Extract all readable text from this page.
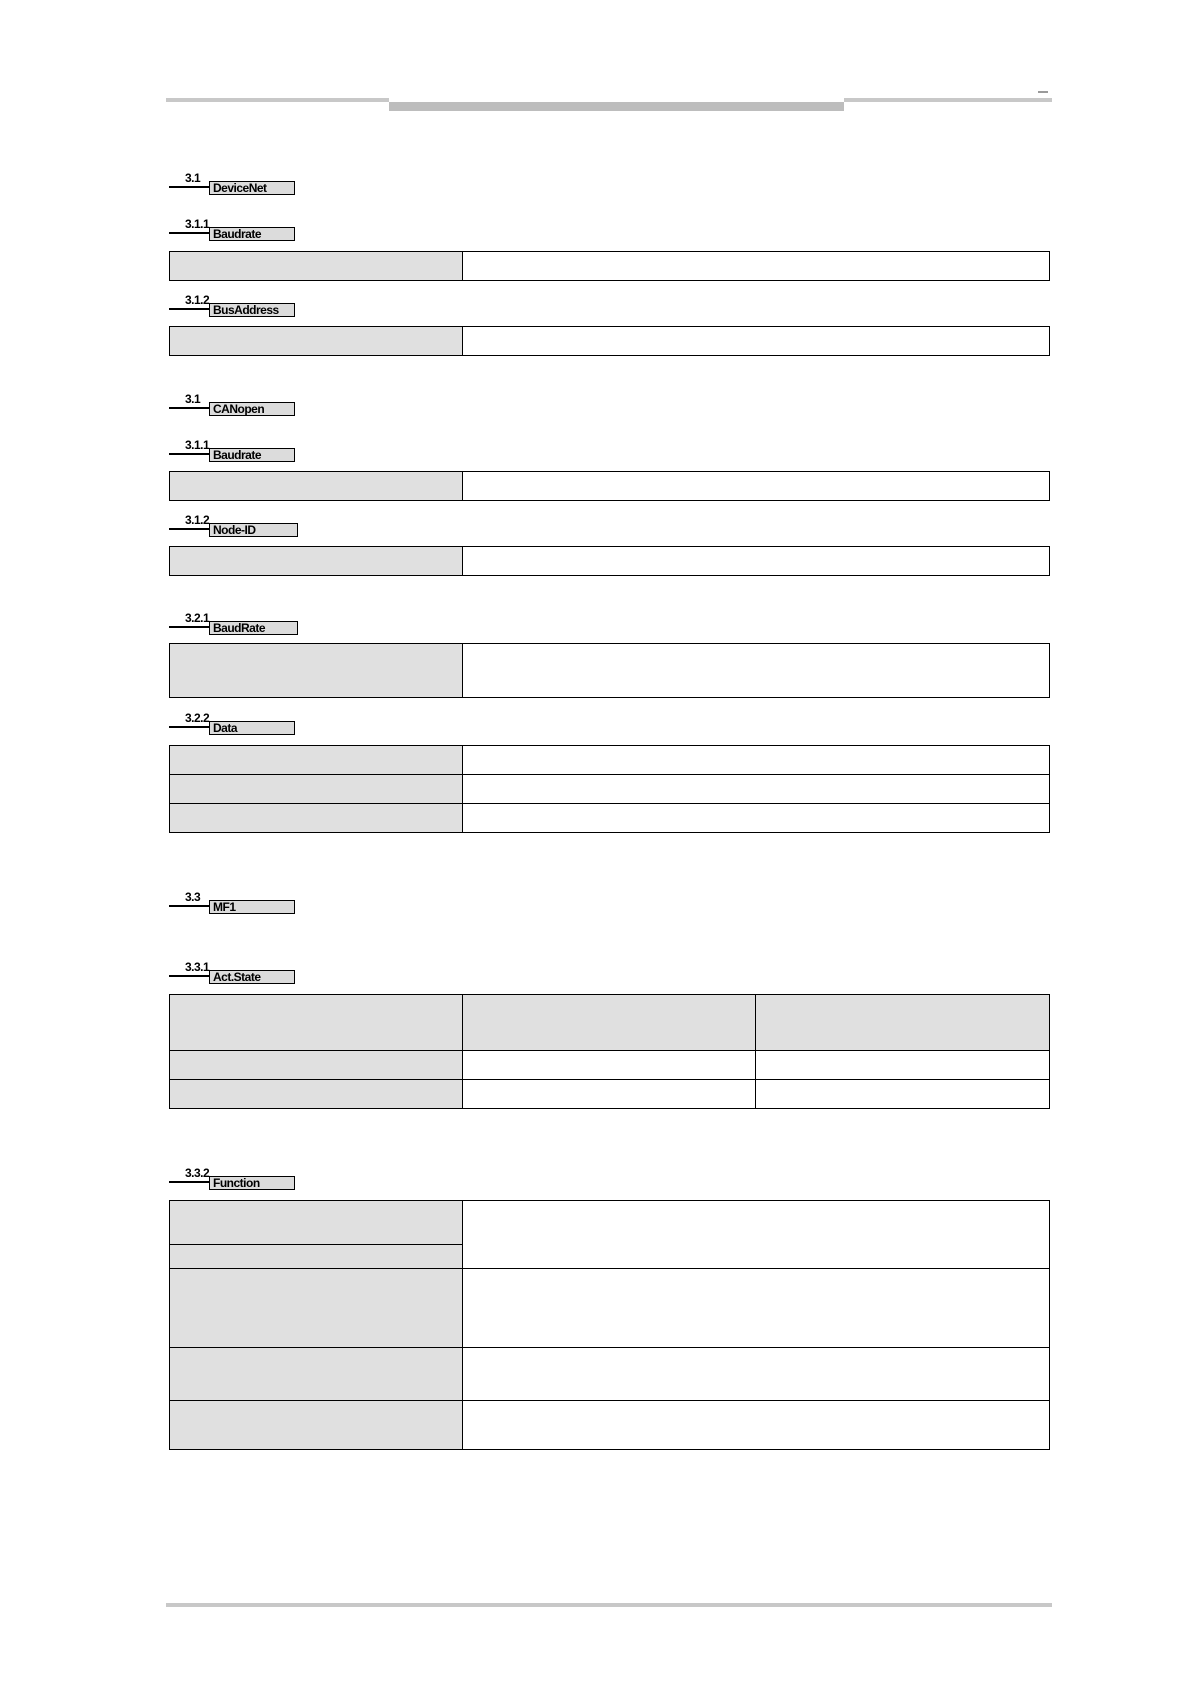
3.1
DeviceNet
3.1.1
Baudrate

3.1.2
BusAddress

3.1
CANopen
3.1.1
Baudrate

3.1.2
Node-ID

3.2.1
BaudRate

3.2.2
Data

3.3
MF1
3.3.1
Act.State

3.3.2
Function
